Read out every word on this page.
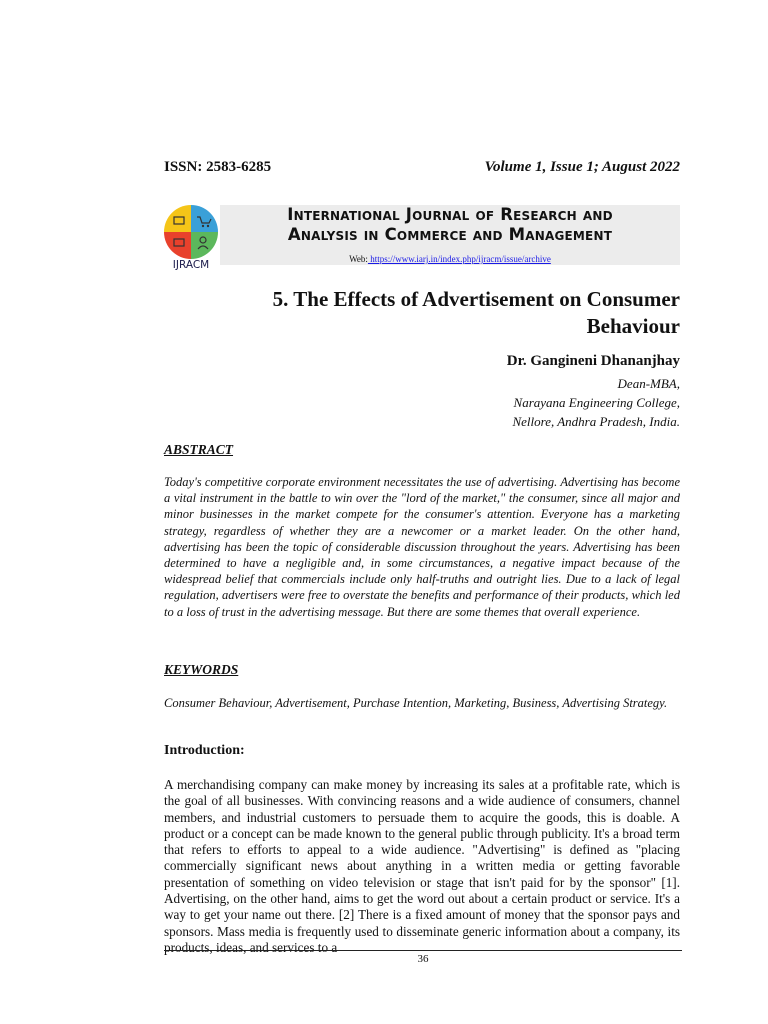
ISSN: 2583-6285	Volume 1, Issue 1; August 2022
IJRACM
International Journal of Research and
Analysis in Commerce and Management
Web: https://www.iarj.in/index.php/ijracm/issue/archive
5. The Effects of Advertisement on Consumer Behaviour
Dr. Gangineni Dhananjhay
Dean-MBA,
Narayana Engineering College,
Nellore, Andhra Pradesh, India.
ABSTRACT
Today's competitive corporate environment necessitates the use of advertising. Advertising has become a vital instrument in the battle to win over the "lord of the market," the consumer, since all major and minor businesses in the market compete for the consumer's attention. Everyone has a marketing strategy, regardless of whether they are a newcomer or a market leader. On the other hand, advertising has been the topic of considerable discussion throughout the years. Advertising has been determined to have a negligible and, in some circumstances, a negative impact because of the widespread belief that commercials include only half-truths and outright lies. Due to a lack of legal regulation, advertisers were free to overstate the benefits and performance of their products, which led to a loss of trust in the advertising message. But there are some themes that overall experience.
KEYWORDS
Consumer Behaviour, Advertisement, Purchase Intention, Marketing, Business, Advertising Strategy.
Introduction:
A merchandising company can make money by increasing its sales at a profitable rate, which is the goal of all businesses. With convincing reasons and a wide audience of consumers, channel members, and industrial customers to persuade them to acquire the goods, this is doable. A product or a concept can be made known to the general public through publicity. It's a broad term that refers to efforts to appeal to a wide audience. "Advertising" is defined as "placing commercially significant news about anything in a written media or getting favorable presentation of something on video television or stage that isn't paid for by the sponsor" [1]. Advertising, on the other hand, aims to get the word out about a certain product or service. It's a way to get your name out there. [2] There is a fixed amount of money that the sponsor pays and sponsors. Mass media is frequently used to disseminate generic information about a company, its products, ideas, and services to a
36
